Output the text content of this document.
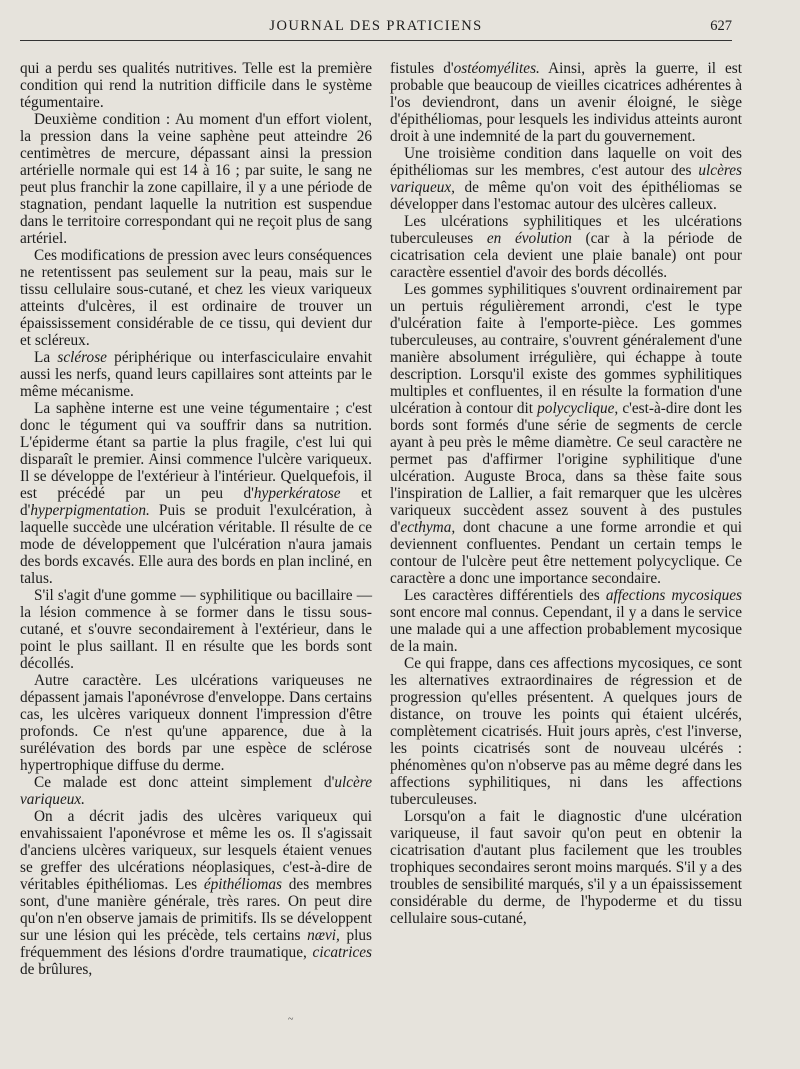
JOURNAL DES PRATICIENS	627

qui a perdu ses qualités nutritives. Telle est la première condition qui rend la nutrition difficile dans le système tégumentaire.

Deuxième condition : Au moment d'un effort violent, la pression dans la veine saphène peut atteindre 26 centimètres de mercure, dépassant ainsi la pression artérielle normale qui est 14 à 16 ; par suite, le sang ne peut plus franchir la zone capillaire, il y a une période de stagnation, pendant laquelle la nutrition est suspendue dans le territoire correspondant qui ne reçoit plus de sang artériel.

Ces modifications de pression avec leurs conséquences ne retentissent pas seulement sur la peau, mais sur le tissu cellulaire sous-cutané, et chez les vieux variqueux atteints d'ulcères, il est ordinaire de trouver un épaississement considérable de ce tissu, qui devient dur et scléreux.

La sclérose périphérique ou interfasciculaire envahit aussi les nerfs, quand leurs capillaires sont atteints par le même mécanisme.

La saphène interne est une veine tégumentaire ; c'est donc le tégument qui va souffrir dans sa nutrition. L'épiderme étant sa partie la plus fragile, c'est lui qui disparaît le premier. Ainsi commence l'ulcère variqueux. Il se développe de l'extérieur à l'intérieur. Quelquefois, il est précédé par un peu d'hyperkératose et d'hyperpigmentation. Puis se produit l'exulcération, à laquelle succède une ulcération véritable. Il résulte de ce mode de développement que l'ulcération n'aura jamais des bords excavés. Elle aura des bords en plan incliné, en talus.

S'il s'agit d'une gomme — syphilitique ou bacillaire — la lésion commence à se former dans le tissu sous-cutané, et s'ouvre secondairement à l'extérieur, dans le point le plus saillant. Il en résulte que les bords sont décollés.

Autre caractère. Les ulcérations variqueuses ne dépassent jamais l'aponévrose d'enveloppe. Dans certains cas, les ulcères variqueux donnent l'impression d'être profonds. Ce n'est qu'une apparence, due à la surélévation des bords par une espèce de sclérose hypertrophique diffuse du derme.

Ce malade est donc atteint simplement d'ulcère variqueux.

On a décrit jadis des ulcères variqueux qui envahissaient l'aponévrose et même les os. Il s'agissait d'anciens ulcères variqueux, sur lesquels étaient venues se greffer des ulcérations néoplasiques, c'est-à-dire de véritables épithéliomas. Les épithéliomas des membres sont, d'une manière générale, très rares. On peut dire qu'on n'en observe jamais de primitifs. Ils se développent sur une lésion qui les précède, tels certains nævi, plus fréquemment des lésions d'ordre traumatique, cicatrices de brûlures,

fistules d'ostéomyélites. Ainsi, après la guerre, il est probable que beaucoup de vieilles cicatrices adhérentes à l'os deviendront, dans un avenir éloigné, le siège d'épithéliomas, pour lesquels les individus atteints auront droit à une indemnité de la part du gouvernement.

Une troisième condition dans laquelle on voit des épithéliomas sur les membres, c'est autour des ulcères variqueux, de même qu'on voit des épithéliomas se développer dans l'estomac autour des ulcères calleux.

Les ulcérations syphilitiques et les ulcérations tuberculeuses en évolution (car à la période de cicatrisation cela devient une plaie banale) ont pour caractère essentiel d'avoir des bords décollés.

Les gommes syphilitiques s'ouvrent ordinairement par un pertuis régulièrement arrondi, c'est le type d'ulcération faite à l'emporte-pièce. Les gommes tuberculeuses, au contraire, s'ouvrent généralement d'une manière absolument irrégulière, qui échappe à toute description. Lorsqu'il existe des gommes syphilitiques multiples et confluentes, il en résulte la formation d'une ulcération à contour dit polycyclique, c'est-à-dire dont les bords sont formés d'une série de segments de cercle ayant à peu près le même diamètre. Ce seul caractère ne permet pas d'affirmer l'origine syphilitique d'une ulcération. Auguste Broca, dans sa thèse faite sous l'inspiration de Lallier, a fait remarquer que les ulcères variqueux succèdent assez souvent à des pustules d'ecthyma, dont chacune a une forme arrondie et qui deviennent confluentes. Pendant un certain temps le contour de l'ulcère peut être nettement polycyclique. Ce caractère a donc une importance secondaire.

Les caractères différentiels des affections mycosiques sont encore mal connus. Cependant, il y a dans le service une malade qui a une affection probablement mycosique de la main.

Ce qui frappe, dans ces affections mycosiques, ce sont les alternatives extraordinaires de régression et de progression qu'elles présentent. A quelques jours de distance, on trouve les points qui étaient ulcérés, complètement cicatrisés. Huit jours après, c'est l'inverse, les points cicatrisés sont de nouveau ulcérés : phénomènes qu'on n'observe pas au même degré dans les affections syphilitiques, ni dans les affections tuberculeuses.

Lorsqu'on a fait le diagnostic d'une ulcération variqueuse, il faut savoir qu'on peut en obtenir la cicatrisation d'autant plus facilement que les troubles trophiques secondaires seront moins marqués. S'il y a des troubles de sensibilité marqués, s'il y a un épaississement considérable du derme, de l'hypoderme et du tissu cellulaire sous-cutané,

~
